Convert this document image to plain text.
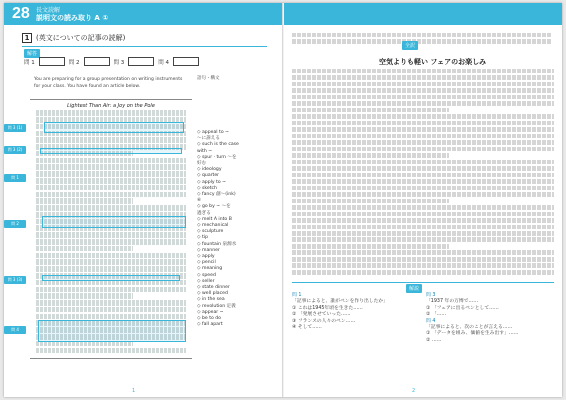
28 長文読解
説明文の読み取り A ①
1 (英文についての記事の読解)
解答
問 1	問 2	問 3	問 4
You are preparing for a group presentation on writing instruments for your class. You have found an article below.
語句・構文
Lightest Than Air: a Joy on the Pole
問 3 (1)
問 3 (2)
問 1
問 2
問 3 (3)
問 4
◇ appeal to ~
〜に訴える
◇ such is the case
with ~
◇ spur · turn 〜を
好む
◇ ideology
◇ quarter
◇ apply to ~
◇ sketch
◇ fancy 創〜(ink)
⑥
◇ go by ~ 〜を
過ぎる
◇ melt A into B
◇ mechanical
◇ sculpture
◇ tip
◇ fountain 泉源水
◇ manner
◇ apply
◇ pencil
◇ meaning
◇ speed
◇ seller
◇ state dinner
◇ well placed
◇ in the sea
◇ revolution 定義
◇ appear ~
◇ be to do
◇ fall apart
1
全訳
空気よりも軽い フェアのお楽しみ
解説
問 1
「記事によると、誰がペンを作り出したか」
① これは1945年頃を生きた……
② 「発展させていった……
③ フランスの人々のペン……
④ そして……
問 3
「1937 年の万博で……
① 「フェアに出るペンとして……
② 「……
問 4
「記事によると、次のことが言える……
① 「データを組み、価値を生み出す」……
② ……
2
